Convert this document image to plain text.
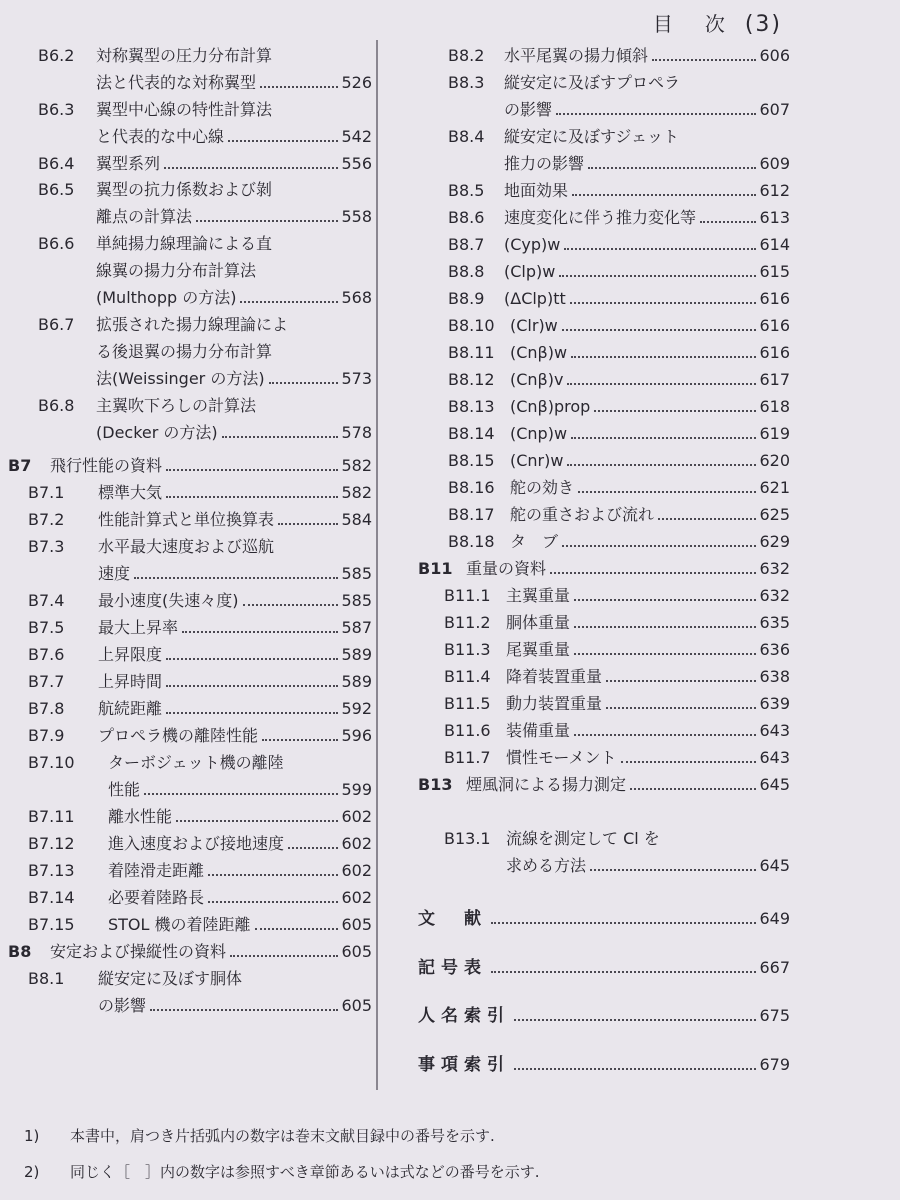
目　次 (3)
B6.2	対称翼型の圧力分布計算
法と代表的な対称翼型	526
B6.3	翼型中心線の特性計算法
と代表的な中心線	542
B6.4	翼型系列	556
B6.5	翼型の抗力係数および剝
離点の計算法	558
B6.6	単純揚力線理論による直
線翼の揚力分布計算法
(Multhopp の方法)	568
B6.7	拡張された揚力線理論によ
る後退翼の揚力分布計算
法(Weissinger の方法)	573
B6.8	主翼吹下ろしの計算法
(Decker の方法)	578
B7	飛行性能の資料	582
B7.1	標準大気	582
B7.2	性能計算式と単位換算表	584
B7.3	水平最大速度および巡航
速度	585
B7.4	最小速度(失速々度)	585
B7.5	最大上昇率	587
B7.6	上昇限度	589
B7.7	上昇時間	589
B7.8	航続距離	592
B7.9	プロペラ機の離陸性能	596
B7.10	ターボジェット機の離陸
性能	599
B7.11	離水性能	602
B7.12	進入速度および接地速度	602
B7.13	着陸滑走距離	602
B7.14	必要着陸路長	602
B7.15	STOL 機の着陸距離	605
B8	安定および操縦性の資料	605
B8.1	縦安定に及ぼす胴体
の影響	605
B8.2	水平尾翼の揚力傾斜	606
B8.3	縦安定に及ぼすプロペラ
の影響	607
B8.4	縦安定に及ぼすジェット
推力の影響	609
B8.5	地面効果	612
B8.6	速度変化に伴う推力変化等	613
B8.7	(Cyp)w	614
B8.8	(Clp)w	615
B8.9	(ΔClp)tt	616
B8.10 (Clr)w	616
B8.11 (Cnβ)w	616
B8.12 (Cnβ)v	617
B8.13 (Cnβ)prop	618
B8.14 (Cnp)w	619
B8.15 (Cnr)w	620
B8.16 舵の効き	621
B8.17 舵の重さおよび流れ	625
B8.18 タ　ブ	629
B11 重量の資料	632
B11.1 主翼重量	632
B11.2 胴体重量	635
B11.3 尾翼重量	636
B11.4 降着装置重量	638
B11.5 動力装置重量	639
B11.6 装備重量	643
B11.7 慣性モーメント	643
B13 煙風洞による揚力測定	645
B13.1 流線を測定して Cl を
求める方法	645
文　献	649
記号表	667
人名索引	675
事項索引	679
1) 本書中，肩つき片括弧内の数字は巻末文献目録中の番号を示す.
2) 同じく［　］内の数字は参照すべき章節あるいは式などの番号を示す.
